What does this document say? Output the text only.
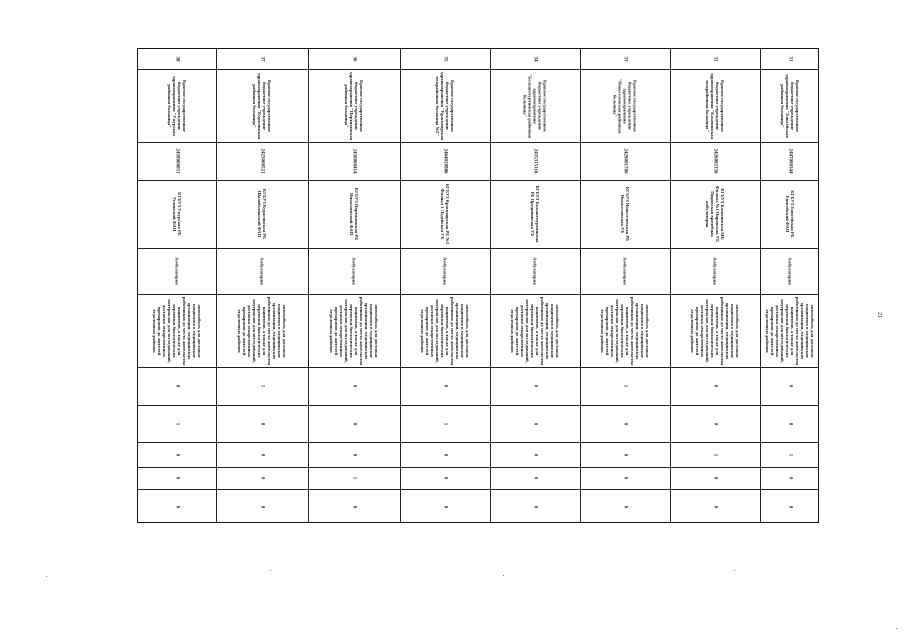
31
Краевое государственное бюджетное учреждение здравоохранения "Енисейская районная больница"
2447000344
КГБУЗ Енисейская РБ Енисейский ФАП
Амбулатория
автомобиль для доставки пациентов в медицинские организации, медицинских работников до места жительства пациентов, а также для перевозки биологических материалов для исследований, доставки лекарственных препаратов до жителей отдаленных районов
0
0
1
0
0
32
Краевое государственное бюджетное учреждение здравоохранения "Казачинская межрайонная больница"
2426002156
КГБУЗ Казачинская МБ Филиал №1 Пировская УБ Пировская врачебная амбулатория
Амбулатория
автомобиль для доставки пациентов в медицинские организации, медицинских работников до места жительства пациентов, а также для перевозки биологических материалов для исследований, доставки лекарственных препаратов до жителей отдаленных районов
0
0
1
0
0
33
Краевое государственное бюджетное учреждение здравоохранения "Новоселовская районная больница"
2429001700
КГБУЗ Новоселовская РБ Новоселовская УБ
Амбулатория
автомобиль для доставки пациентов в медицинские организации, медицинских работников до места жительства пациентов, а также для перевозки биологических материалов для исследований, доставки лекарственных препаратов до жителей отдаленных районов
1
0
0
0
0
34
Краевое государственное бюджетное учреждение здравоохранения "Большемуртинская районная больница"
2435315116
КГБУЗ Большемуртинская РБ Предивинская УБ
Амбулатория
автомобиль для доставки пациентов в медицинские организации, медицинских работников до места жительства пациентов, а также для перевозки биологических материалов для исследований, доставки лекарственных препаратов до жителей отдаленных районов
0
0
0
0
0
35
Краевое государственное бюджетное учреждение здравоохранения "Красноярская межрайонная больница №2"
2464020986
КГБУЗ Красноярская РБ №2 Филиал 1 Ладейская УБ
Амбулатория
автомобиль для доставки пациентов в медицинские организации, медицинских работников до места жительства пациентов, а также для перевозки биологических материалов для исследований, доставки лекарственных препаратов до жителей отдаленных районов
0
1
0
0
0
36
Краевое государственное бюджетное учреждение здравоохранения "Партизанская районная больница"
2430000414
КГБУЗ Партизанская РБ Николаевский ФАП
Амбулатория
автомобиль для доставки пациентов в медицинские организации, медицинских работников до места жительства пациентов, а также для перевозки биологических материалов для исследований, доставки лекарственных препаратов до жителей отдаленных районов
0
0
0
1
0
37
Краевое государственное бюджетное учреждение здравоохранения "Курагинская районная больница"
2423000521
КГБУЗ Курагинская РБ Шалоболинский ФАП
Амбулатория
автомобиль для доставки пациентов в медицинские организации, медицинских работников до места жительства пациентов, а также для перевозки биологических материалов для исследований, доставки лекарственных препаратов до жителей отдаленных районов
1
0
0
0
0
38
Краевое государственное бюджетное учреждение здравоохранения "Ужурская районная больница"
2439000051
КГБУЗ Ужурская РБ Углинский ФАП
Амбулатория
автомобиль для доставки пациентов в медицинские организации, медицинских работников до места жительства пациентов, а также для перевозки биологических материалов для исследований, доставки лекарственных препаратов до жителей отдаленных районов
0
1
0
0
0
21
